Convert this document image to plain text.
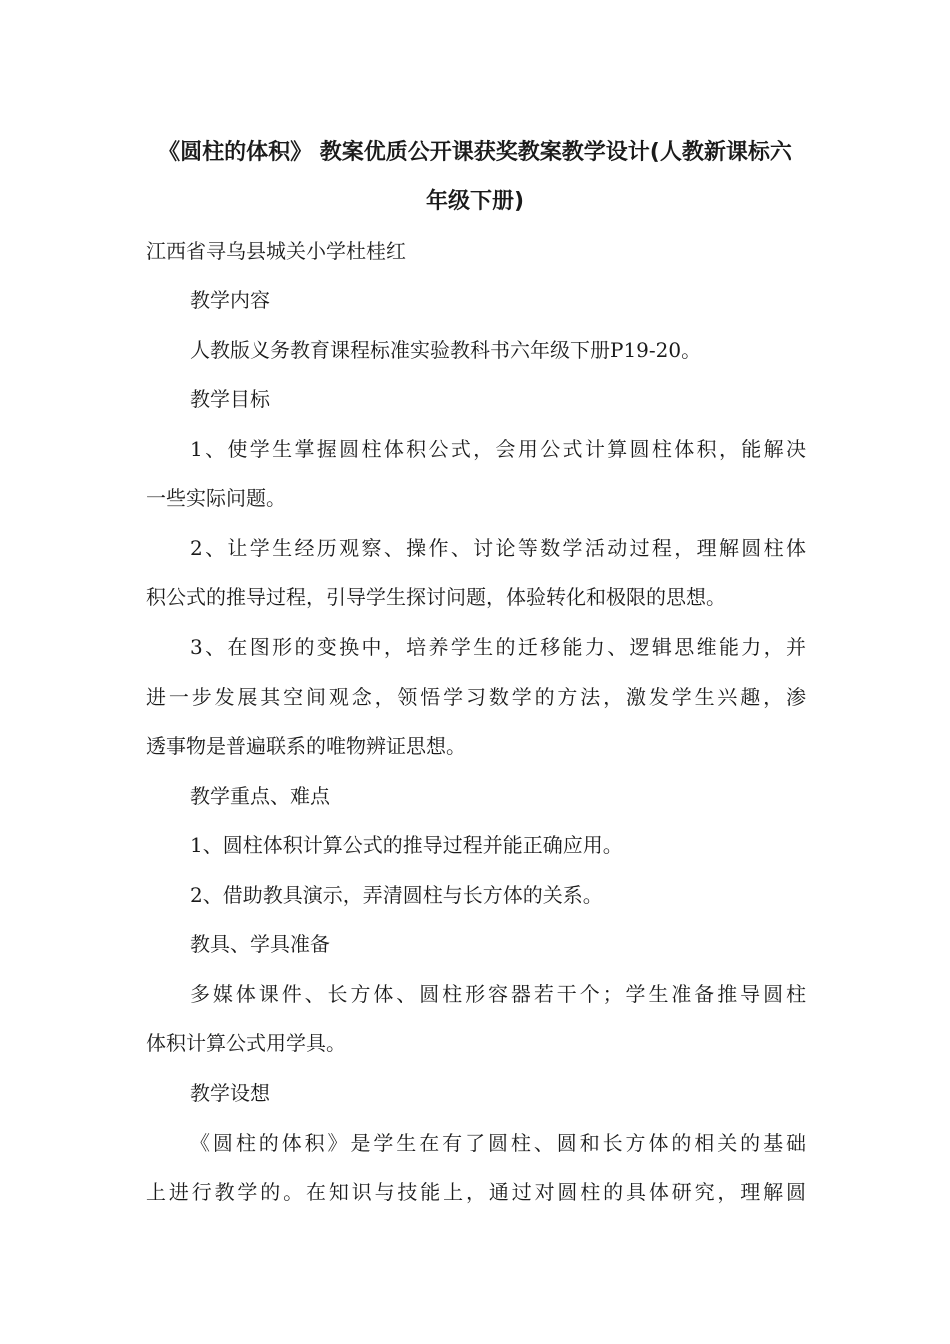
《圆柱的体积》 教案优质公开课获奖教案教学设计(人教新课标六
年级下册)
江西省寻乌县城关小学杜桂红
教学内容
人教版义务教育课程标准实验教科书六年级下册P19-20。
教学目标
1、使学生掌握圆柱体积公式，会用公式计算圆柱体积，能解决
一些实际问题。
2、让学生经历观察、操作、讨论等数学活动过程，理解圆柱体
积公式的推导过程，引导学生探讨问题，体验转化和极限的思想。
3、在图形的变换中，培养学生的迁移能力、逻辑思维能力，并
进一步发展其空间观念，领悟学习数学的方法，激发学生兴趣，渗
透事物是普遍联系的唯物辨证思想。
教学重点、难点
1、圆柱体积计算公式的推导过程并能正确应用。
2、借助教具演示，弄清圆柱与长方体的关系。
教具、学具准备
多媒体课件、长方体、圆柱形容器若干个；学生准备推导圆柱
体积计算公式用学具。
教学设想
《圆柱的体积》是学生在有了圆柱、圆和长方体的相关的基础
上进行教学的。在知识与技能上，通过对圆柱的具体研究，理解圆
